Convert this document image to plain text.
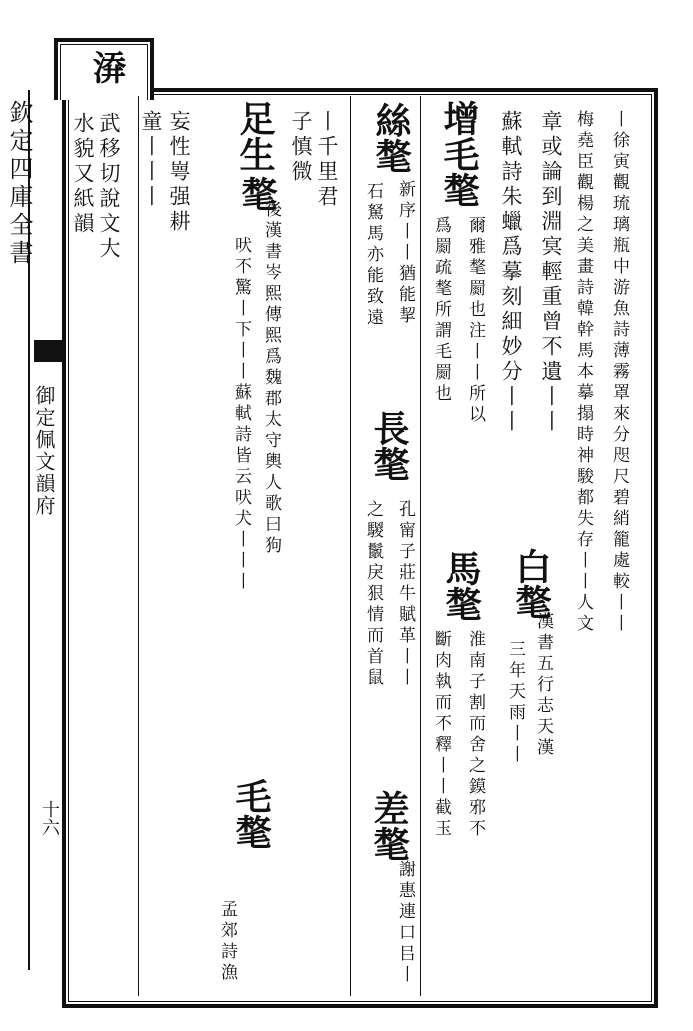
欽定四庫全書
御定佩文韻府
十六
㴁
武移切說文大
水貌又紙韻 童丨丨丨 妄性㟧强耕 足生
㲠
後漢書岑熙傳熙爲魏郡太守輿人歌曰狗
吠不驚丨下丨丨蘇軾詩皆云吠犬丨丨丨
毛㲠
孟郊詩漁
子慎微 丨千里君 絲㲠
新序丨丨猶能挈
石駑馬亦能致遠
長㲠
孔甯子莊牛賦革丨丨
之騣鬛戾狠情而首鼠
差㲠
謝惠連口㠯丨
增毛㲠
爾雅㲠罽也注丨丨所以
爲罽疏㲠所謂毛罽也
馬㲠
淮南子割而舍之鏌邪不
斷肉執而不釋丨丨截玉
蘇軾詩朱蠟爲摹刻細妙分丨丨
白㲠
漢書五行志天漢
三年天雨丨丨
章或論到淵㝠輕重曾不遺丨丨 梅堯臣觀楊之美畫詩韓幹馬本摹搨時神駿都失存丨丨人文 丨徐寅觀琉璃瓶中游魚詩薄霧罩來分咫尺碧綃籠處較丨丨
